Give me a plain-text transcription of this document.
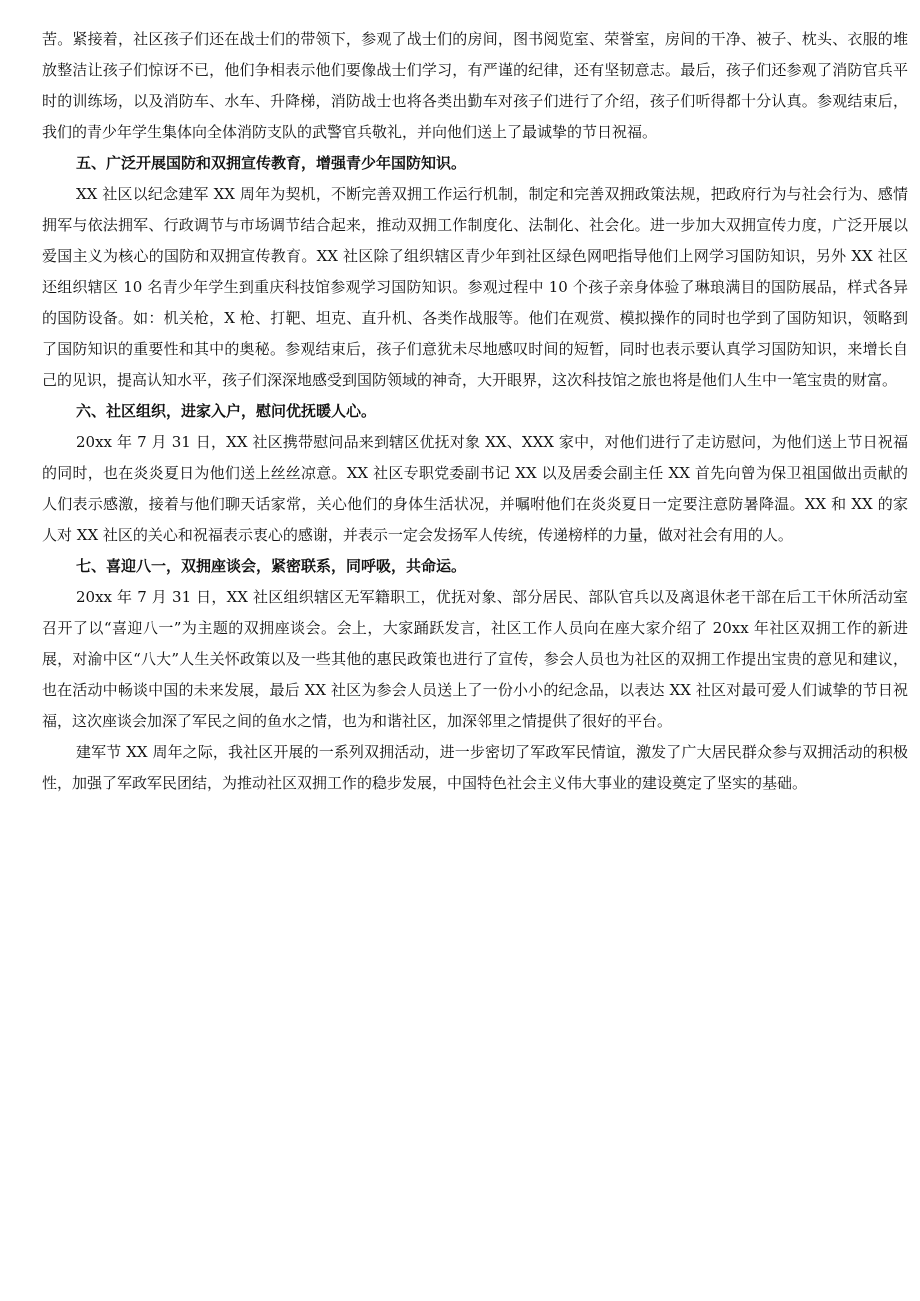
苦。紧接着，社区孩子们还在战士们的带领下，参观了战士们的房间，图书阅览室、荣誉室，房间的干净、被子、枕头、衣服的堆放整洁让孩子们惊讶不已，他们争相表示他们要像战士们学习，有严谨的纪律，还有坚韧意志。最后，孩子们还参观了消防官兵平时的训练场，以及消防车、水车、升降梯，消防战士也将各类出勤车对孩子们进行了介绍，孩子们听得都十分认真。参观结束后，我们的青少年学生集体向全体消防支队的武警官兵敬礼，并向他们送上了最诚挚的节日祝福。

五、广泛开展国防和双拥宣传教育，增强青少年国防知识。

XX 社区以纪念建军 XX 周年为契机，不断完善双拥工作运行机制，制定和完善双拥政策法规，把政府行为与社会行为、感情拥军与依法拥军、行政调节与市场调节结合起来，推动双拥工作制度化、法制化、社会化。进一步加大双拥宣传力度，广泛开展以爱国主义为核心的国防和双拥宣传教育。XX 社区除了组织辖区青少年到社区绿色网吧指导他们上网学习国防知识，另外 XX 社区还组织辖区 10 名青少年学生到重庆科技馆参观学习国防知识。参观过程中 10 个孩子亲身体验了琳琅满目的国防展品，样式各异的国防设备。如：机关枪，X 枪、打靶、坦克、直升机、各类作战服等。他们在观赏、模拟操作的同时也学到了国防知识，领略到了国防知识的重要性和其中的奥秘。参观结束后，孩子们意犹未尽地感叹时间的短暂，同时也表示要认真学习国防知识，来增长自己的见识，提高认知水平，孩子们深深地感受到国防领域的神奇，大开眼界，这次科技馆之旅也将是他们人生中一笔宝贵的财富。

六、社区组织，进家入户，慰问优抚暖人心。

20xx 年 7 月 31 日，XX 社区携带慰问品来到辖区优抚对象 XX、XXX 家中，对他们进行了走访慰问，为他们送上节日祝福的同时，也在炎炎夏日为他们送上丝丝凉意。XX 社区专职党委副书记 XX 以及居委会副主任 XX 首先向曾为保卫祖国做出贡献的人们表示感激，接着与他们聊天话家常，关心他们的身体生活状况，并嘱咐他们在炎炎夏日一定要注意防暑降温。XX 和 XX 的家人对 XX 社区的关心和祝福表示衷心的感谢，并表示一定会发扬军人传统，传递榜样的力量，做对社会有用的人。

七、喜迎八一，双拥座谈会，紧密联系，同呼吸，共命运。

20xx 年 7 月 31 日，XX 社区组织辖区无军籍职工，优抚对象、部分居民、部队官兵以及离退休老干部在后工干休所活动室召开了以“喜迎八一”为主题的双拥座谈会。会上，大家踊跃发言，社区工作人员向在座大家介绍了 20xx 年社区双拥工作的新进展，对渝中区“八大”人生关怀政策以及一些其他的惠民政策也进行了宣传，参会人员也为社区的双拥工作提出宝贵的意见和建议，也在活动中畅谈中国的未来发展，最后 XX 社区为参会人员送上了一份小小的纪念品，以表达 XX 社区对最可爱人们诚挚的节日祝福，这次座谈会加深了军民之间的鱼水之情，也为和谐社区，加深邻里之情提供了很好的平台。

建军节 XX 周年之际，我社区开展的一系列双拥活动，进一步密切了军政军民情谊，激发了广大居民群众参与双拥活动的积极性，加强了军政军民团结，为推动社区双拥工作的稳步发展，中国特色社会主义伟大事业的建设奠定了坚实的基础。
